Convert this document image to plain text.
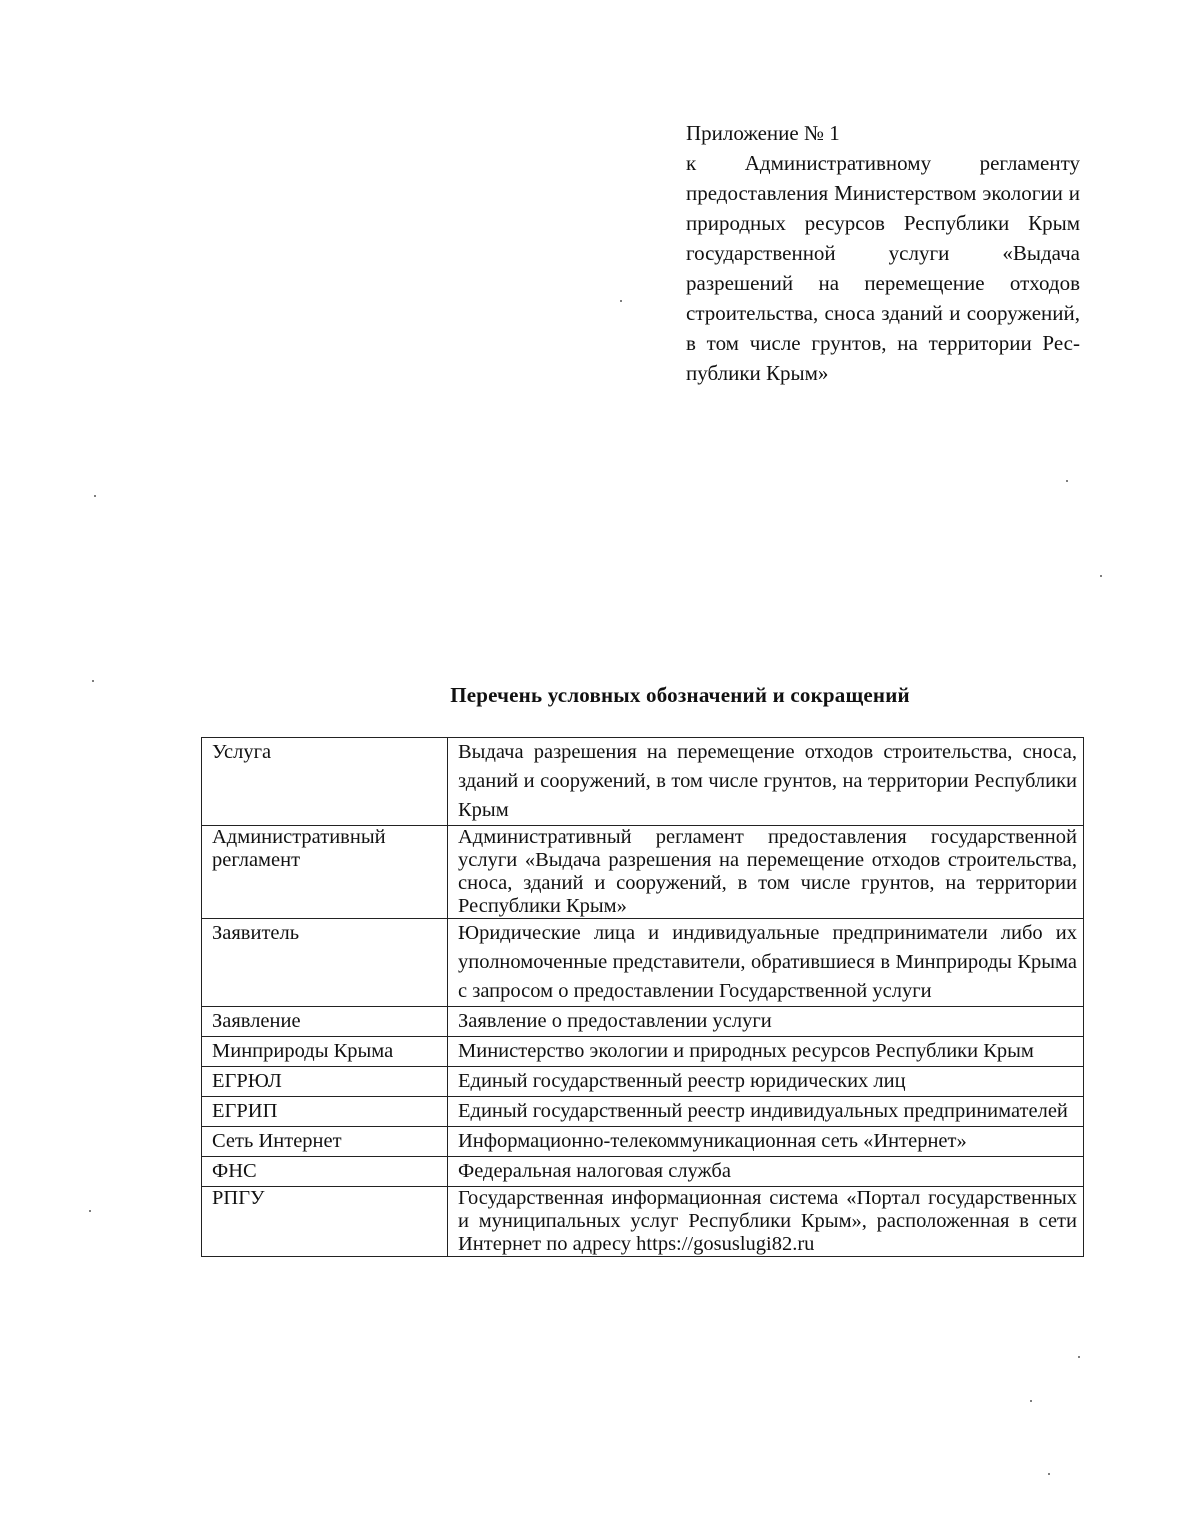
Приложение № 1
к Административному регламенту предоставления Министерством экологии и природных ресурсов Республики Крым государственной услуги «Выдача разрешений на перемещение отходов строительства, сноса зданий и сооружений, в том числе грунтов, на территории Республики Крым»
Перечень условных обозначений и сокращений
Услуга	Выдача разрешения на перемещение отходов строительства, сноса, зданий и сооружений, в том числе грунтов, на территории Республики Крым
Административный регламент	Административный регламент предоставления государственной услуги «Выдача разрешения на перемещение отходов строительства, сноса, зданий и сооружений, в том числе грунтов, на территории Республики Крым»
Заявитель	Юридические лица и индивидуальные предприниматели либо их уполномоченные представители, обратившиеся в Минприроды Крыма с запросом о предоставлении Государственной услуги
Заявление	Заявление о предоставлении услуги
Минприроды Крыма	Министерство экологии и природных ресурсов Республики Крым
ЕГРЮЛ	Единый государственный реестр юридических лиц
ЕГРИП	Единый государственный реестр индивидуальных предпринимателей
Сеть Интернет	Информационно-телекоммуникационная сеть «Интернет»
ФНС	Федеральная налоговая служба
РПГУ	Государственная информационная система «Портал государственных и муниципальных услуг Республики Крым», расположенная в сети Интернет по адресу https://gosuslugi82.ru
